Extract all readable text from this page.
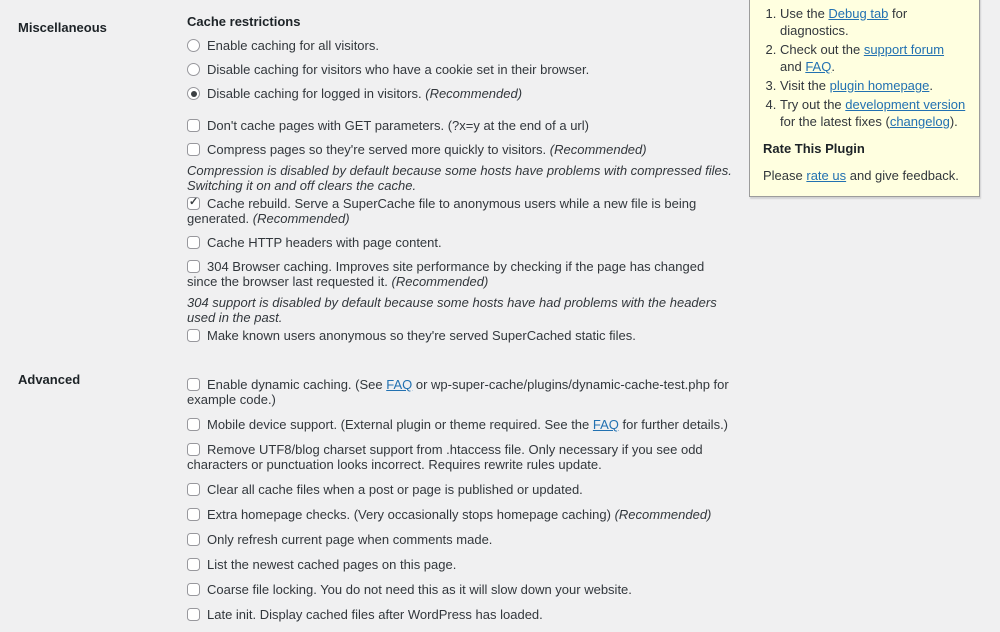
Miscellaneous	Cache restrictions
Enable caching for all visitors.
Disable caching for visitors who have a cookie set in their browser.
Disable caching for logged in visitors. (Recommended)
Don't cache pages with GET parameters. (?x=y at the end of a url)
Compress pages so they're served more quickly to visitors. (Recommended)
Compression is disabled by default because some hosts have problems with compressed files. Switching it on and off clears the cache.
✓Cache rebuild. Serve a SuperCache file to anonymous users while a new file is being generated. (Recommended)
Cache HTTP headers with page content.
304 Browser caching. Improves site performance by checking if the page has changed since the browser last requested it. (Recommended)
304 support is disabled by default because some hosts have had problems with the headers used in the past.
Make known users anonymous so they're served SuperCached static files.
Advanced	Enable dynamic caching. (See FAQ or wp-super-cache/plugins/dynamic-cache-test.php for example code.)
Mobile device support. (External plugin or theme required. See the FAQ for further details.)
Remove UTF8/blog charset support from .htaccess file. Only necessary if you see odd characters or punctuation looks incorrect. Requires rewrite rules update.
Clear all cache files when a post or page is published or updated.
Extra homepage checks. (Very occasionally stops homepage caching) (Recommended)
Only refresh current page when comments made.
List the newest cached pages on this page.
Coarse file locking. You do not need this as it will slow down your website.
Late init. Display cached files after WordPress has loaded.
1. Use the Debug tab for diagnostics.
2. Check out the support forum and FAQ.
3. Visit the plugin homepage.
4. Try out the development version for the latest fixes (changelog).
Rate This Plugin

Please rate us and give feedback.
